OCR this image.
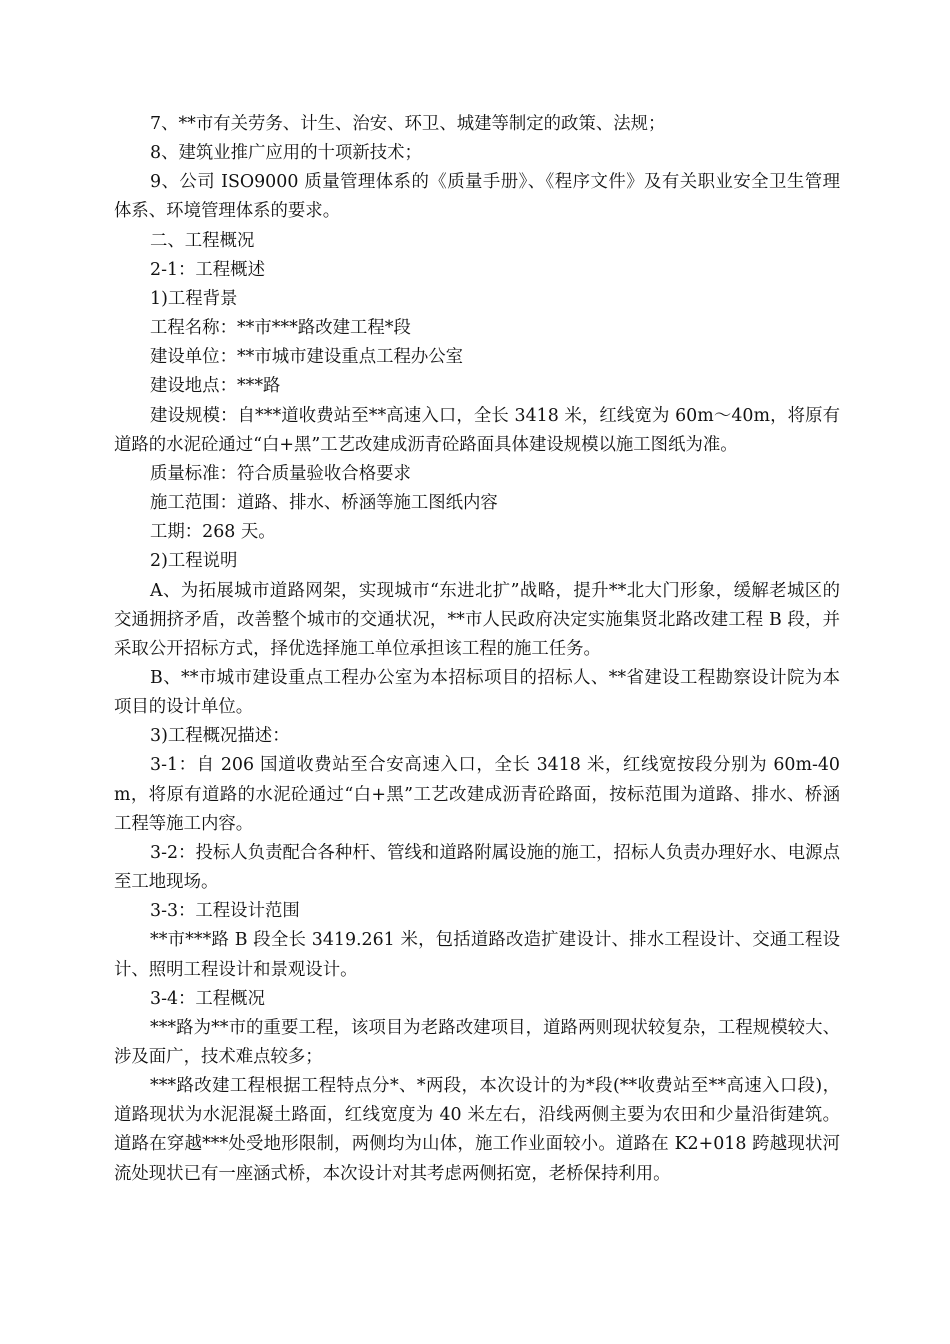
7、**市有关劳务、计生、治安、环卫、城建等制定的政策、法规；

8、建筑业推广应用的十项新技术；

9、公司 ISO9000 质量管理体系的《质量手册》、《程序文件》及有关职业安全卫生管理体系、环境管理体系的要求。

二、工程概况

2-1：工程概述

1)工程背景

工程名称：**市***路改建工程*段

建设单位：**市城市建设重点工程办公室

建设地点：***路

建设规模：自***道收费站至**高速入口，全长 3418 米，红线宽为 60m～40m，将原有道路的水泥砼通过“白+黑”工艺改建成沥青砼路面具体建设规模以施工图纸为准。

质量标准：符合质量验收合格要求

施工范围：道路、排水、桥涵等施工图纸内容

工期：268 天。

2)工程说明

A、为拓展城市道路网架，实现城市“东进北扩”战略，提升**北大门形象，缓解老城区的交通拥挤矛盾，改善整个城市的交通状况，**市人民政府决定实施集贤北路改建工程 B 段，并采取公开招标方式，择优选择施工单位承担该工程的施工任务。

B、**市城市建设重点工程办公室为本招标项目的招标人、**省建设工程勘察设计院为本项目的设计单位。

3)工程概况描述：

3-1：自 206 国道收费站至合安高速入口，全长 3418 米，红线宽按段分别为 60m-40m，将原有道路的水泥砼通过“白+黑”工艺改建成沥青砼路面，按标范围为道路、排水、桥涵工程等施工内容。

3-2：投标人负责配合各种杆、管线和道路附属设施的施工，招标人负责办理好水、电源点至工地现场。

3-3：工程设计范围

**市***路 B 段全长 3419.261 米，包括道路改造扩建设计、排水工程设计、交通工程设计、照明工程设计和景观设计。

3-4：工程概况

***路为**市的重要工程，该项目为老路改建项目，道路两则现状较复杂，工程规模较大、涉及面广，技术难点较多；

***路改建工程根据工程特点分*、*两段，本次设计的为*段(**收费站至**高速入口段)，道路现状为水泥混凝土路面，红线宽度为 40 米左右，沿线两侧主要为农田和少量沿街建筑。道路在穿越***处受地形限制，两侧均为山体，施工作业面较小。道路在 K2+018 跨越现状河流处现状已有一座涵式桥，本次设计对其考虑两侧拓宽，老桥保持利用。
